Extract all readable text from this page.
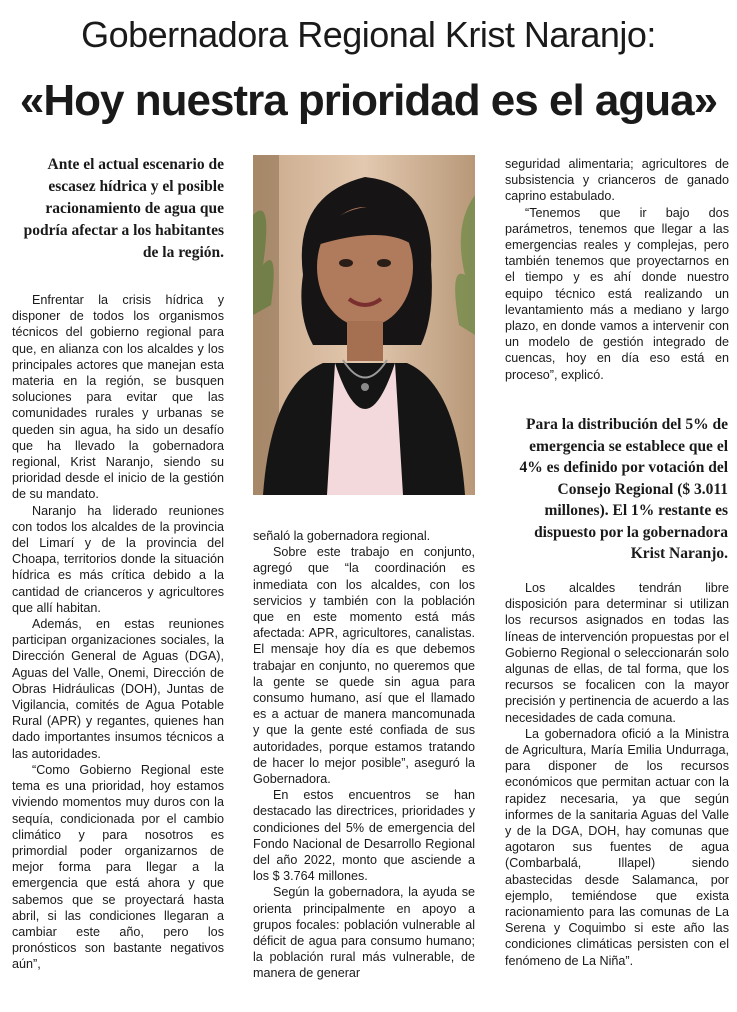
Gobernadora Regional Krist Naranjo:
«Hoy nuestra prioridad es el agua»
Ante el actual escenario de escasez hídrica y el posible racionamiento de agua que podría afectar a los habitantes de la región.

Enfrentar la crisis hídrica y disponer de todos los organismos técnicos del gobierno regional para que, en alianza con los alcaldes y los principales actores que manejan esta materia en la región, se busquen soluciones para evitar que las comunidades rurales y urbanas se queden sin agua, ha sido un desafío que ha llevado la gobernadora regional, Krist Naranjo, siendo su prioridad desde el inicio de la gestión de su mandato.

Naranjo ha liderado reuniones con todos los alcaldes de la provincia del Limarí y de la provincia del Choapa, territorios donde la situación hídrica es más crítica debido a la cantidad de crianceros y agricultores que allí habitan.

Además, en estas reuniones participan organizaciones sociales, la Dirección General de Aguas (DGA), Aguas del Valle, Onemi, Dirección de Obras Hidráulicas (DOH), Juntas de Vigilancia, comités de Agua Potable Rural (APR) y regantes, quienes han dado importantes insumos técnicos a las autoridades.

“Como Gobierno Regional este tema es una prioridad, hoy estamos viviendo momentos muy duros con la sequía, condicionada por el cambio climático y para nosotros es primordial poder organizarnos de mejor forma para llegar a la emergencia que está ahora y que sabemos que se proyectará hasta abril, si las condiciones llegaran a cambiar este año, pero los pronósticos son bastante negativos aún”,

señaló la gobernadora regional.

Sobre este trabajo en conjunto, agregó que “la coordinación es inmediata con los alcaldes, con los servicios y también con la población que en este momento está más afectada: APR, agricultores, canalistas. El mensaje hoy día es que debemos trabajar en conjunto, no queremos que la gente se quede sin agua para consumo humano, así que el llamado es a actuar de manera mancomunada y que la gente esté confiada de sus autoridades, porque estamos tratando de hacer lo mejor posible”, aseguró la Gobernadora.

En estos encuentros se han destacado las directrices, prioridades y condiciones del 5% de emergencia del Fondo Nacional de Desarrollo Regional del año 2022, monto que asciende a los $ 3.764 millones.

Según la gobernadora, la ayuda se orienta principalmente en apoyo a grupos focales: población vulnerable al déficit de agua para consumo humano; la población rural más vulnerable, de manera de generar

seguridad alimentaria; agricultores de subsistencia y crianceros de ganado caprino estabulado.

“Tenemos que ir bajo dos parámetros, tenemos que llegar a las emergencias reales y complejas, pero también tenemos que proyectarnos en el tiempo y es ahí donde nuestro equipo técnico está realizando un levantamiento más a mediano y largo plazo, en donde vamos a intervenir con un modelo de gestión integrado de cuencas, hoy en día eso está en proceso”, explicó.

Para la distribución del 5% de emergencia se establece que el 4% es definido por votación del Consejo Regional ($ 3.011 millones). El 1% restante es dispuesto por la gobernadora Krist Naranjo.

Los alcaldes tendrán libre disposición para determinar si utilizan los recursos asignados en todas las líneas de intervención propuestas por el Gobierno Regional o seleccionarán solo algunas de ellas, de tal forma, que los recursos se focalicen con la mayor precisión y pertinencia de acuerdo a las necesidades de cada comuna.

La gobernadora ofició a la Ministra de Agricultura, María Emilia Undurraga, para disponer de los recursos económicos que permitan actuar con la rapidez necesaria, ya que según informes de la sanitaria Aguas del Valle y de la DGA, DOH, hay comunas que agotaron sus fuentes de agua (Combarbalá, Illapel) siendo abastecidas desde Salamanca, por ejemplo, temiéndose que exista racionamiento para las comunas de La Serena y Coquimbo si este año las condiciones climáticas persisten con el fenómeno de La Niña”.
